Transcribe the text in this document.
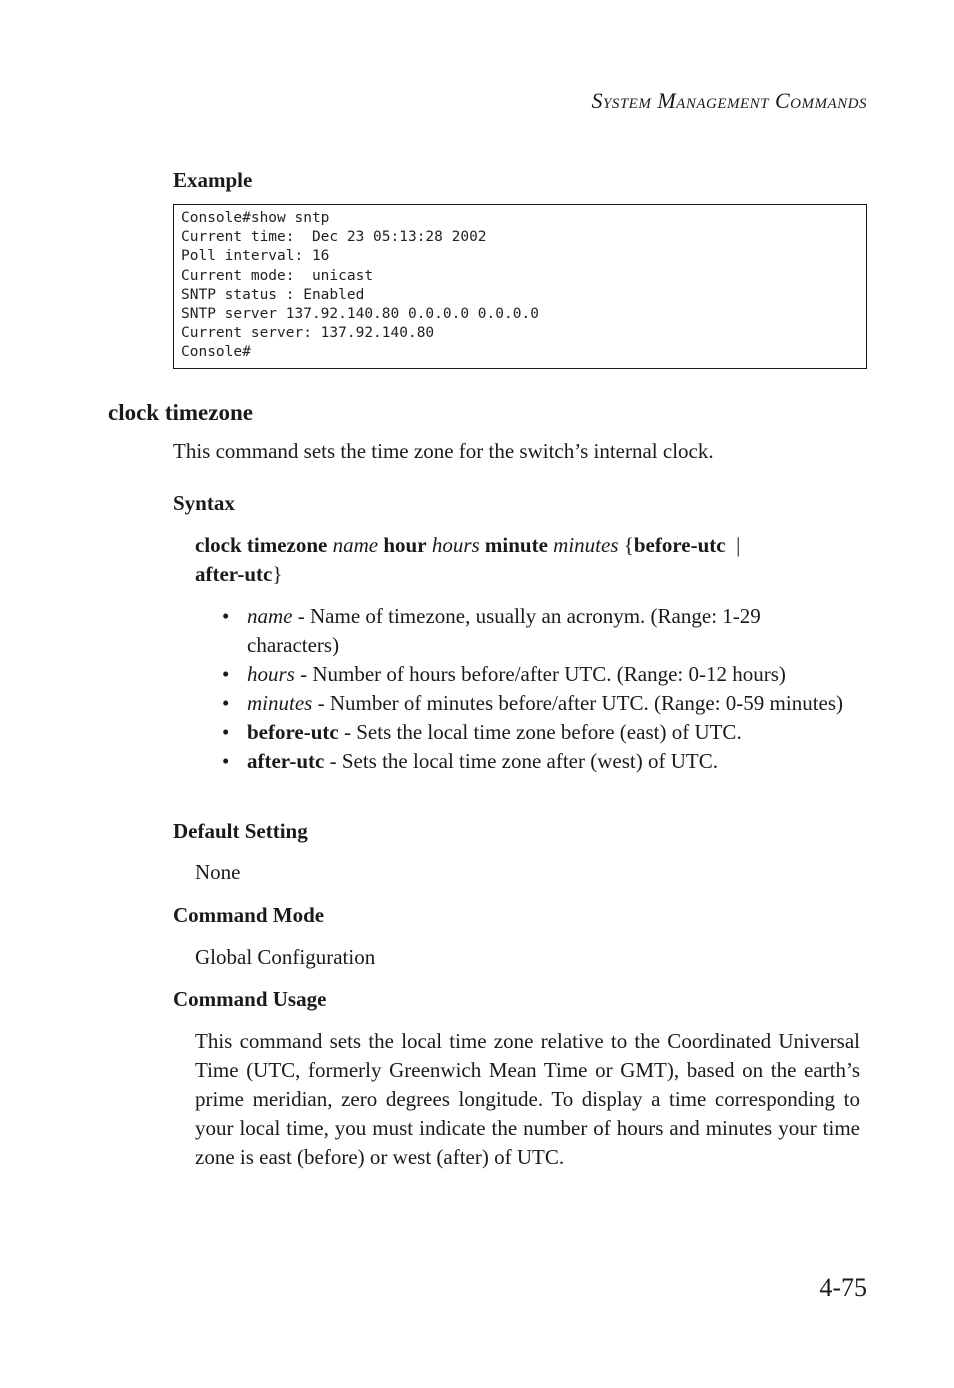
System Management Commands
Example
Console#show sntp
Current time:  Dec 23 05:13:28 2002
Poll interval: 16
Current mode:  unicast
SNTP status : Enabled
SNTP server 137.92.140.80 0.0.0.0 0.0.0.0
Current server: 137.92.140.80
Console#
clock timezone
This command sets the time zone for the switch’s internal clock.
Syntax
clock timezone name hour hours minute minutes {before-utc |
after-utc}
• name - Name of timezone, usually an acronym. (Range: 1-29 characters)
• hours - Number of hours before/after UTC. (Range: 0-12 hours)
• minutes - Number of minutes before/after UTC. (Range: 0-59 minutes)
• before-utc - Sets the local time zone before (east) of UTC.
• after-utc - Sets the local time zone after (west) of UTC.
Default Setting
None
Command Mode
Global Configuration
Command Usage
This command sets the local time zone relative to the Coordinated Universal Time (UTC, formerly Greenwich Mean Time or GMT), based on the earth’s prime meridian, zero degrees longitude. To display a time corresponding to your local time, you must indicate the number of hours and minutes your time zone is east (before) or west (after) of UTC.
4-75
